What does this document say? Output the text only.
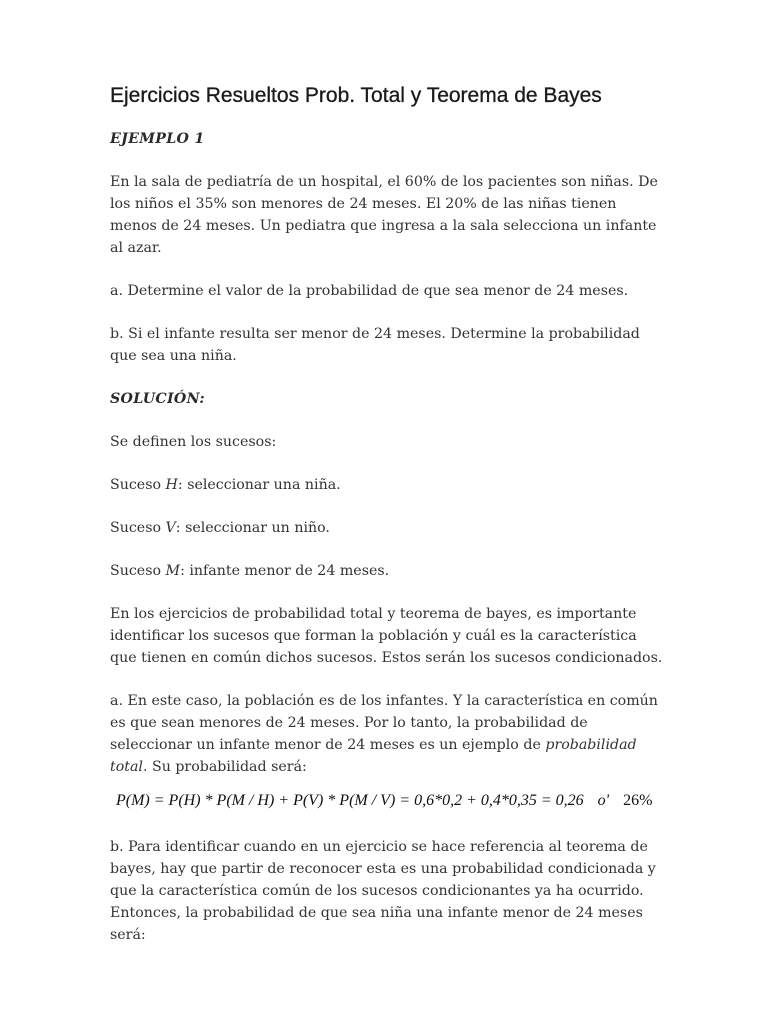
Ejercicios Resueltos Prob. Total y Teorema de Bayes

EJEMPLO 1

En la sala de pediatría de un hospital, el 60% de los pacientes son niñas. De los niños el 35% son menores de 24 meses. El 20% de las niñas tienen menos de 24 meses. Un pediatra que ingresa a la sala selecciona un infante al azar.

a. Determine el valor de la probabilidad de que sea menor de 24 meses.

b. Si el infante resulta ser menor de 24 meses. Determine la probabilidad que sea una niña.

SOLUCIÓN:

Se definen los sucesos:

Suceso H: seleccionar una niña.

Suceso V: seleccionar un niño.

Suceso M: infante menor de 24 meses.

En los ejercicios de probabilidad total y teorema de bayes, es importante identificar los sucesos que forman la población y cuál es la característica que tienen en común dichos sucesos. Estos serán los sucesos condicionados.

a. En este caso, la población es de los infantes. Y la característica en común es que sean menores de 24 meses. Por lo tanto, la probabilidad de seleccionar un infante menor de 24 meses es un ejemplo de probabilidad total. Su probabilidad será:

P(M) = P(H) * P(M / H) + P(V) * P(M / V) = 0,6*0,2 + 0,4*0,35 = 0,26 o' 26%

b. Para identificar cuando en un ejercicio se hace referencia al teorema de bayes, hay que partir de reconocer esta es una probabilidad condicionada y que la característica común de los sucesos condicionantes ya ha ocurrido. Entonces, la probabilidad de que sea niña una infante menor de 24 meses será:
